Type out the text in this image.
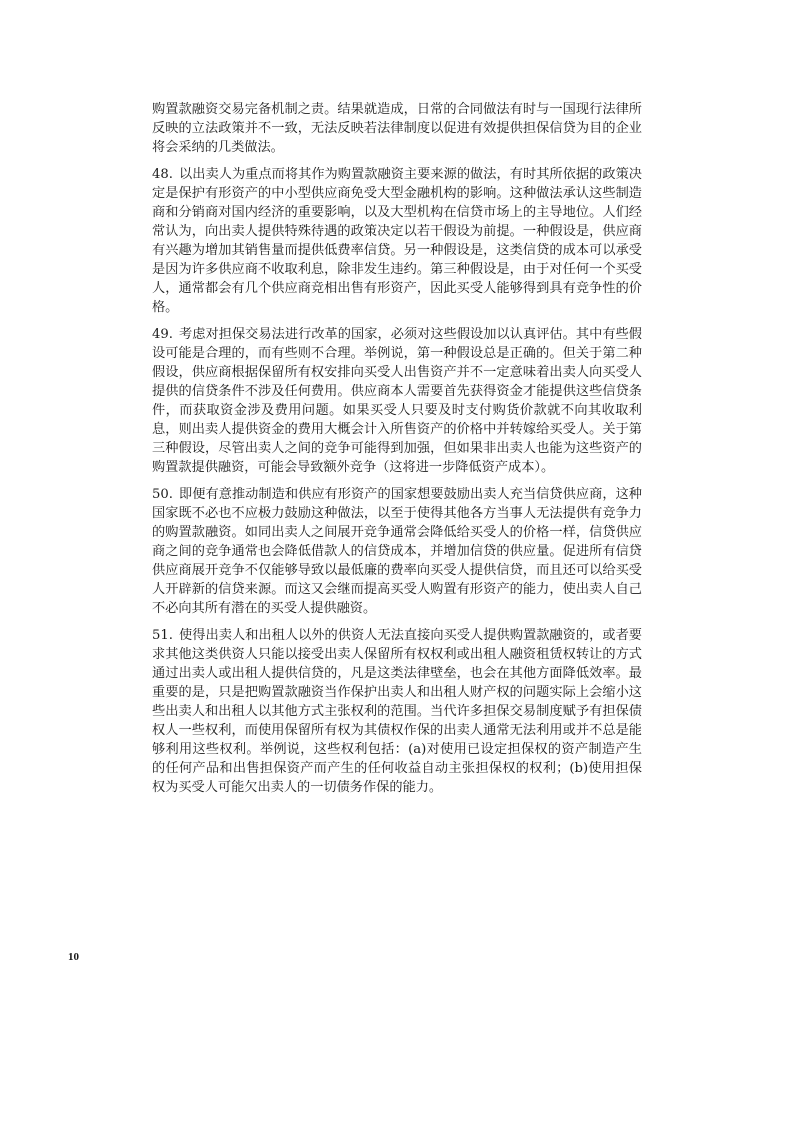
购置款融资交易完备机制之责。结果就造成，日常的合同做法有时与一国现行法律所反映的立法政策并不一致，无法反映若法律制度以促进有效提供担保信贷为目的企业将会采纳的几类做法。

48. 以出卖人为重点而将其作为购置款融资主要来源的做法，有时其所依据的政策决定是保护有形资产的中小型供应商免受大型金融机构的影响。这种做法承认这些制造商和分销商对国内经济的重要影响，以及大型机构在信贷市场上的主导地位。人们经常认为，向出卖人提供特殊待遇的政策决定以若干假设为前提。一种假设是，供应商有兴趣为增加其销售量而提供低费率信贷。另一种假设是，这类信贷的成本可以承受是因为许多供应商不收取利息，除非发生违约。第三种假设是，由于对任何一个买受人，通常都会有几个供应商竞相出售有形资产，因此买受人能够得到具有竞争性的价格。

49. 考虑对担保交易法进行改革的国家，必须对这些假设加以认真评估。其中有些假设可能是合理的，而有些则不合理。举例说，第一种假设总是正确的。但关于第二种假设，供应商根据保留所有权安排向买受人出售资产并不一定意味着出卖人向买受人提供的信贷条件不涉及任何费用。供应商本人需要首先获得资金才能提供这些信贷条件，而获取资金涉及费用问题。如果买受人只要及时支付购货价款就不向其收取利息，则出卖人提供资金的费用大概会计入所售资产的价格中并转嫁给买受人。关于第三种假设，尽管出卖人之间的竞争可能得到加强，但如果非出卖人也能为这些资产的购置款提供融资，可能会导致额外竞争（这将进一步降低资产成本）。

50. 即便有意推动制造和供应有形资产的国家想要鼓励出卖人充当信贷供应商，这种国家既不必也不应极力鼓励这种做法，以至于使得其他各方当事人无法提供有竞争力的购置款融资。如同出卖人之间展开竞争通常会降低给买受人的价格一样，信贷供应商之间的竞争通常也会降低借款人的信贷成本，并增加信贷的供应量。促进所有信贷供应商展开竞争不仅能够导致以最低廉的费率向买受人提供信贷，而且还可以给买受人开辟新的信贷来源。而这又会继而提高买受人购置有形资产的能力，使出卖人自己不必向其所有潜在的买受人提供融资。

51. 使得出卖人和出租人以外的供资人无法直接向买受人提供购置款融资的，或者要求其他这类供资人只能以接受出卖人保留所有权权利或出租人融资租赁权转让的方式通过出卖人或出租人提供信贷的，凡是这类法律壁垒，也会在其他方面降低效率。最重要的是，只是把购置款融资当作保护出卖人和出租人财产权的问题实际上会缩小这些出卖人和出租人以其他方式主张权利的范围。当代许多担保交易制度赋予有担保债权人一些权利，而使用保留所有权为其债权作保的出卖人通常无法利用或并不总是能够利用这些权利。举例说，这些权利包括：(a)对使用已设定担保权的资产制造产生的任何产品和出售担保资产而产生的任何收益自动主张担保权的权利；(b)使用担保权为买受人可能欠出卖人的一切债务作保的能力。

10
